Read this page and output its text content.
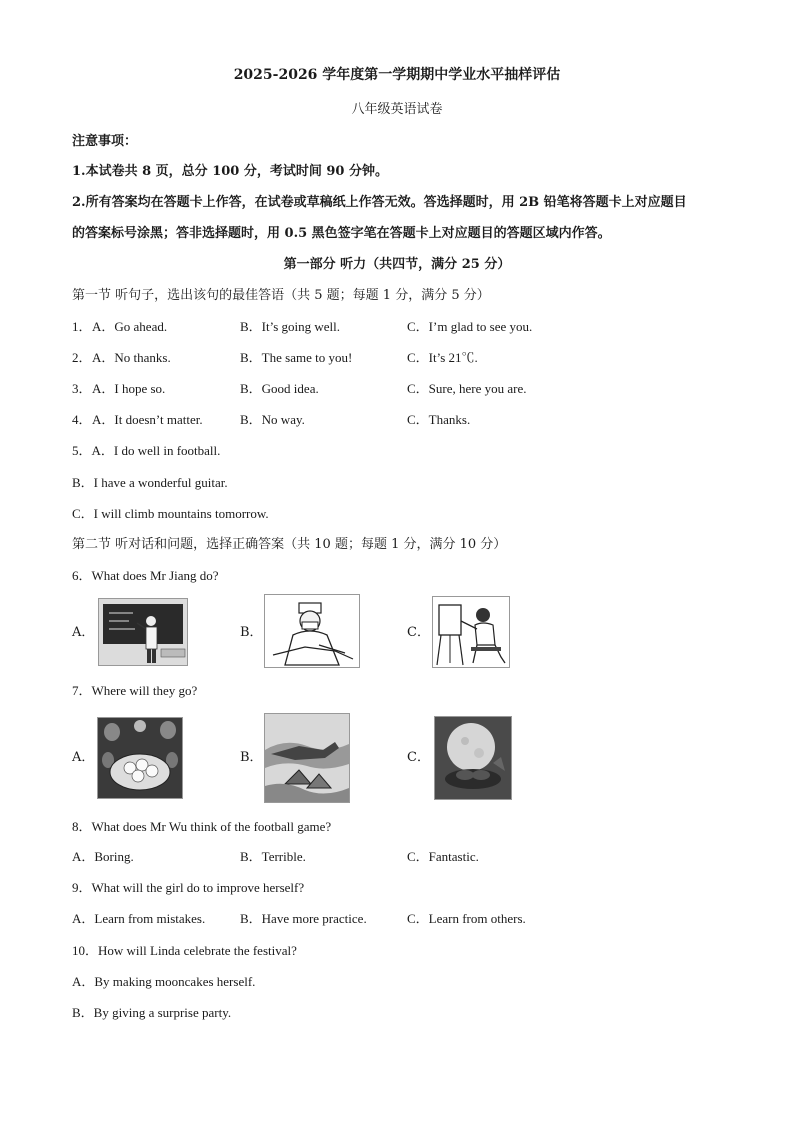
2025-2026 学年度第一学期期中学业水平抽样评估
八年级英语试卷
注意事项：
1.本试卷共 8 页，总分 100 分，考试时间 90 分钟。
2.所有答案均在答题卡上作答，在试卷或草稿纸上作答无效。答选择题时，用 2B 铅笔将答题卡上对应题目
的答案标号涂黑；答非选择题时，用 0.5 黑色签字笔在答题卡上对应题目的答题区域内作答。
第一部分 听力（共四节，满分 25 分）
第一节 听句子，选出该句的最佳答语（共 5 题；每题 1 分，满分 5 分）
1． A．Go ahead.	B．It’s going well.	C．I’m glad to see you.
2． A．No thanks.	B．The same to you!	C．It’s 21℃.
3． A．I hope so.	B．Good idea.	C．Sure, here you are.
4． A．It doesn’t matter.	B．No way.	C．Thanks.
5．A．I do well in football.
B．I have a wonderful guitar.
C．I will climb mountains tomorrow.
第二节 听对话和问题，选择正确答案（共 10 题；每题 1 分，满分 10 分）
6．What does Mr Jiang do?
A．	B．	C．
7．Where will they go?
A．	B．	C．
8．What does Mr Wu think of the football game?
A．Boring.	B．Terrible.	C．Fantastic.
9．What will the girl do to improve herself?
A．Learn from mistakes.	B．Have more practice.	C．Learn from others.
10．How will Linda celebrate the festival?
A．By making mooncakes herself.
B．By giving a surprise party.
